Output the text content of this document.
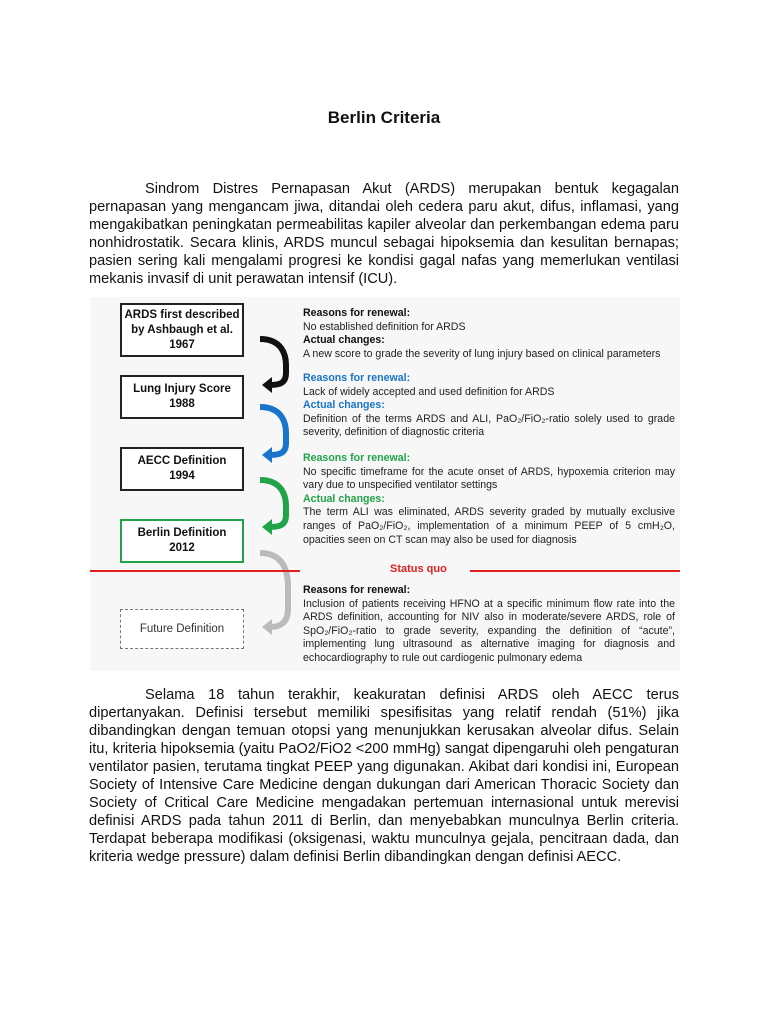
Berlin Criteria

Sindrom Distres Pernapasan Akut (ARDS) merupakan bentuk kegagalan pernapasan yang mengancam jiwa, ditandai oleh cedera paru akut, difus, inflamasi, yang mengakibatkan peningkatan permeabilitas kapiler alveolar dan perkembangan edema paru nonhidrostatik. Secara klinis, ARDS muncul sebagai hipoksemia dan kesulitan bernapas; pasien sering kali mengalami progresi ke kondisi gagal nafas yang memerlukan ventilasi mekanis invasif di unit perawatan intensif (ICU).

ARDS first described
by Ashbaugh et al.
1967
Lung Injury Score
1988
AECC Definition
1994
Berlin Definition
2012
Future Definition
Status quo
Reasons for renewal:
No established definition for ARDS
Actual changes:
A new score to grade the severity of lung injury based on clinical parameters
Reasons for renewal:
Lack of widely accepted and used definition for ARDS
Actual changes:
Definition of the terms ARDS and ALI, PaO₂/FiO₂-ratio solely used to grade severity, definition of diagnostic criteria
Reasons for renewal:
No specific timeframe for the acute onset of ARDS, hypoxemia criterion may vary due to unspecified ventilator settings
Actual changes:
The term ALI was eliminated, ARDS severity graded by mutually exclusive ranges of PaO₂/FiO₂, implementation of a minimum PEEP of 5 cmH₂O, opacities seen on CT scan may also be used for diagnosis
Reasons for renewal:
Inclusion of patients receiving HFNO at a specific minimum flow rate into the ARDS definition, accounting for NIV also in moderate/severe ARDS, role of SpO₂/FiO₂-ratio to grade severity, expanding the definition of “acute”, implementing lung ultrasound as alternative imaging for diagnosis and echocardiography to rule out cardiogenic pulmonary edema

Selama 18 tahun terakhir, keakuratan definisi ARDS oleh AECC terus dipertanyakan. Definisi tersebut memiliki spesifisitas yang relatif rendah (51%) jika dibandingkan dengan temuan otopsi yang menunjukkan kerusakan alveolar difus. Selain itu, kriteria hipoksemia (yaitu PaO2/FiO2 <200 mmHg) sangat dipengaruhi oleh pengaturan ventilator pasien, terutama tingkat PEEP yang digunakan. Akibat dari kondisi ini, European Society of Intensive Care Medicine dengan dukungan dari American Thoracic Society dan Society of Critical Care Medicine mengadakan pertemuan internasional untuk merevisi definisi ARDS pada tahun 2011 di Berlin, dan menyebabkan munculnya Berlin criteria. Terdapat beberapa modifikasi (oksigenasi, waktu munculnya gejala, pencitraan dada, dan kriteria wedge pressure) dalam definisi Berlin dibandingkan dengan definisi AECC.
